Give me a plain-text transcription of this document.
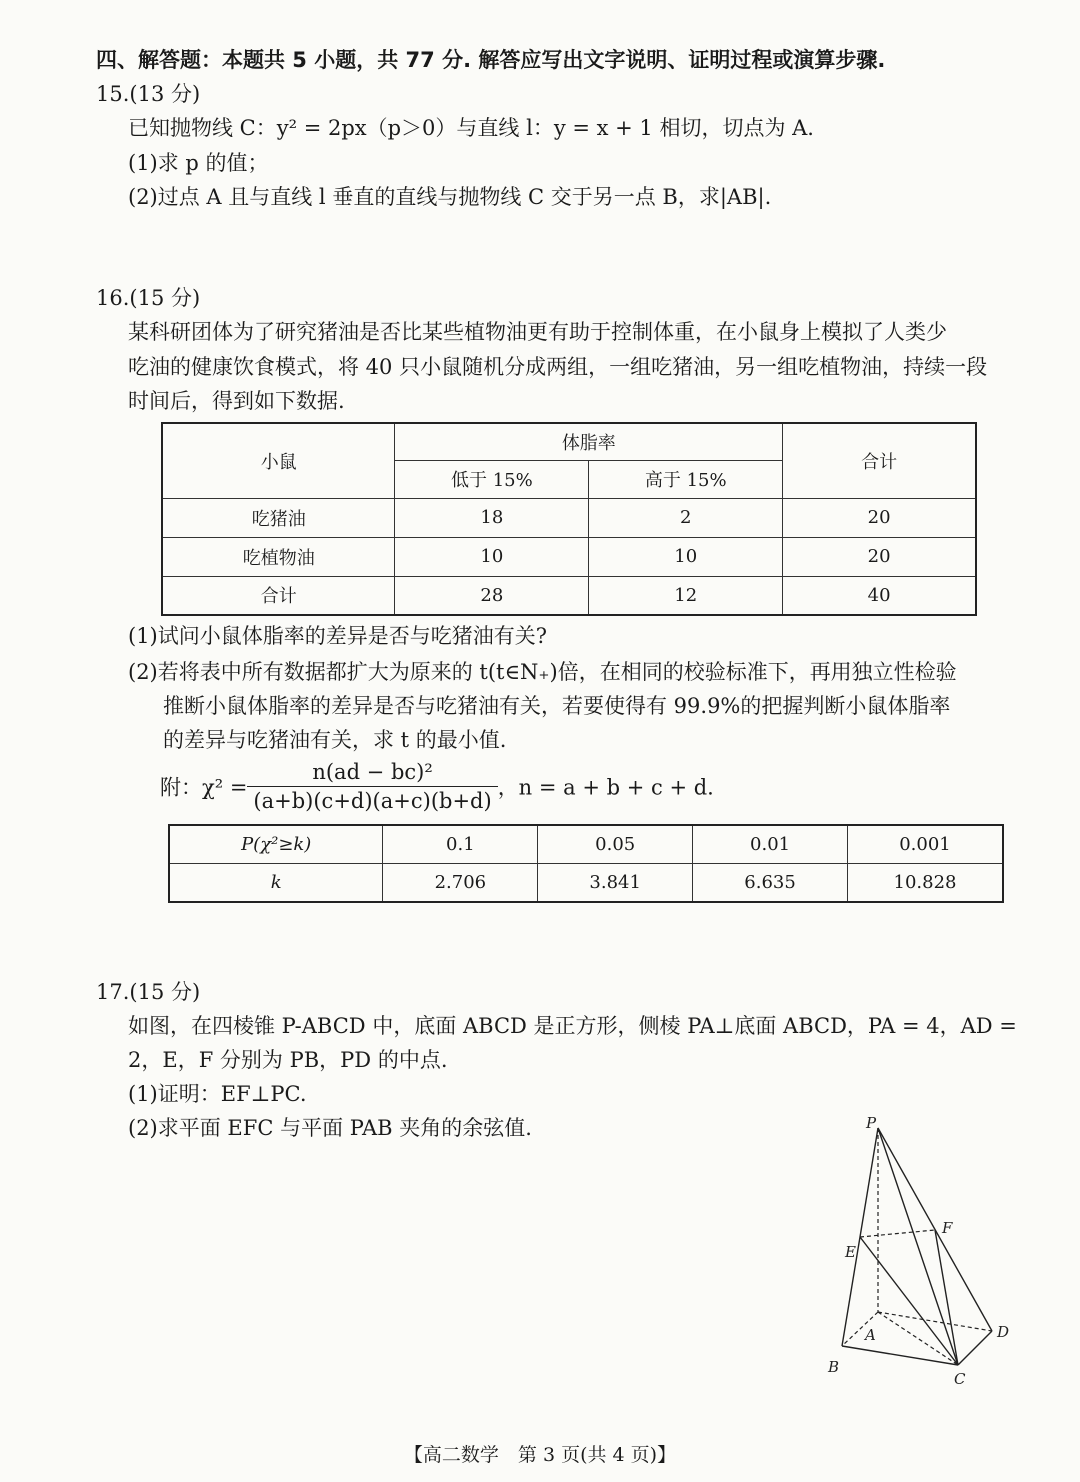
四、解答题：本题共 5 小题，共 77 分. 解答应写出文字说明、证明过程或演算步骤.
15.(13 分)
已知抛物线 C：y² = 2px（p＞0）与直线 l：y = x + 1 相切，切点为 A.
(1)求 p 的值；
(2)过点 A 且与直线 l 垂直的直线与抛物线 C 交于另一点 B，求|AB|.
16.(15 分)
某科研团体为了研究猪油是否比某些植物油更有助于控制体重，在小鼠身上模拟了人类少
吃油的健康饮食模式，将 40 只小鼠随机分成两组，一组吃猪油，另一组吃植物油，持续一段
时间后，得到如下数据.
小鼠	体脂率		合计
	低于 15%	高于 15%	
吃猪油	18	2	20
吃植物油	10	10	20
合计	28	12	40
(1)试问小鼠体脂率的差异是否与吃猪油有关?
(2)若将表中所有数据都扩大为原来的 t(t∈N₊)倍，在相同的校验标准下，再用独立性检验
推断小鼠体脂率的差异是否与吃猪油有关，若要使得有 99.9%的把握判断小鼠体脂率
的差异与吃猪油有关，求 t 的最小值.
附：$\chi^2 = \frac{\text{n(ad − bc)²}}{(a+b)(c+d)(a+c)(b+d)}$ ，n = a + b + c + d.
P(χ²≥k)	0.1	0.05	0.01	0.001
k	2.706	3.841	6.635	10.828
17.(15 分)
如图，在四棱锥 P-ABCD 中，底面 ABCD 是正方形，侧棱 PA⊥底面 ABCD，PA = 4，AD =
2，E，F 分别为 PB，PD 的中点.
(1)证明：EF⊥PC.
(2)求平面 EFC 与平面 PAB 夹角的余弦值.	P
E
F
A
B
C
D
【高二数学　第 3 页(共 4 页)】
